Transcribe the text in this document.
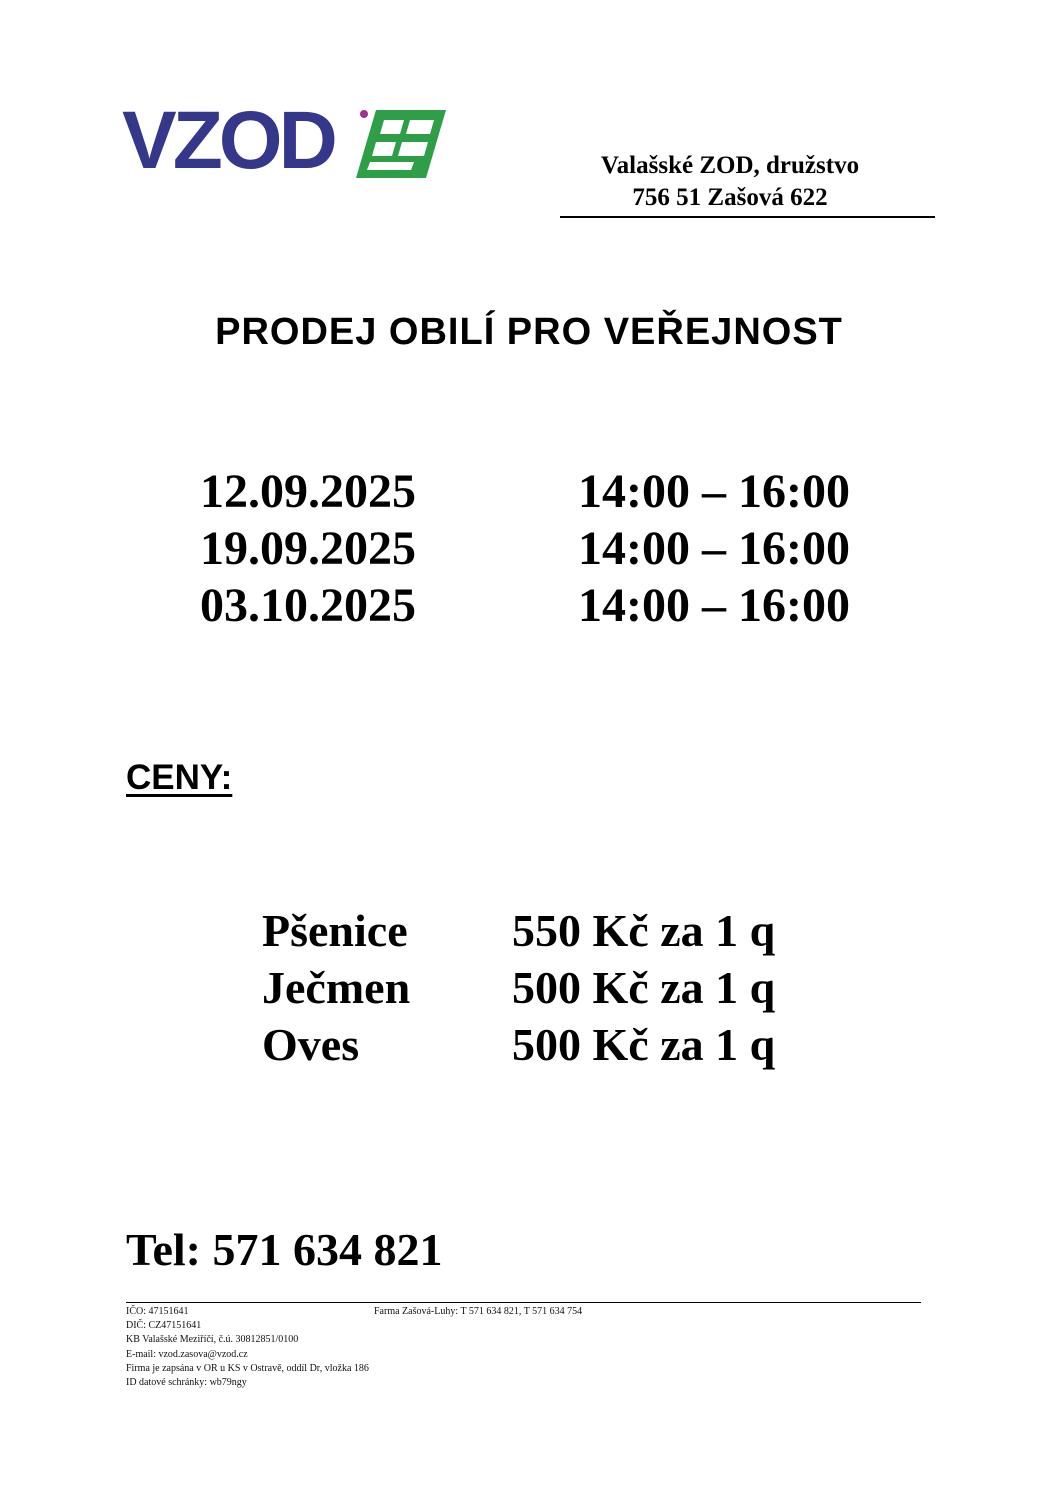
VZOD	Valašské ZOD, družstvo
756 51 Zašová 622
PRODEJ OBILÍ PRO VEŘEJNOST
12.09.2025	14:00 – 16:00
19.09.2025	14:00 – 16:00
03.10.2025	14:00 – 16:00
CENY:
Pšenice 550 Kč za 1 q
Ječmen 500 Kč za 1 q
Oves	500 Kč za 1 q
Tel: 571 634 821
IČO: 47151641
DIČ: CZ47151641
KB Valašské Meziříčí, č.ú. 30812851/0100
E-mail: vzod.zasova@vzod.cz
Firma je zapsána v OR u KS v Ostravě, oddíl Dr, vložka 186
ID datové schránky: wb79ngy
Farma Zašová-Luhy: T 571 634 821, T 571 634 754
